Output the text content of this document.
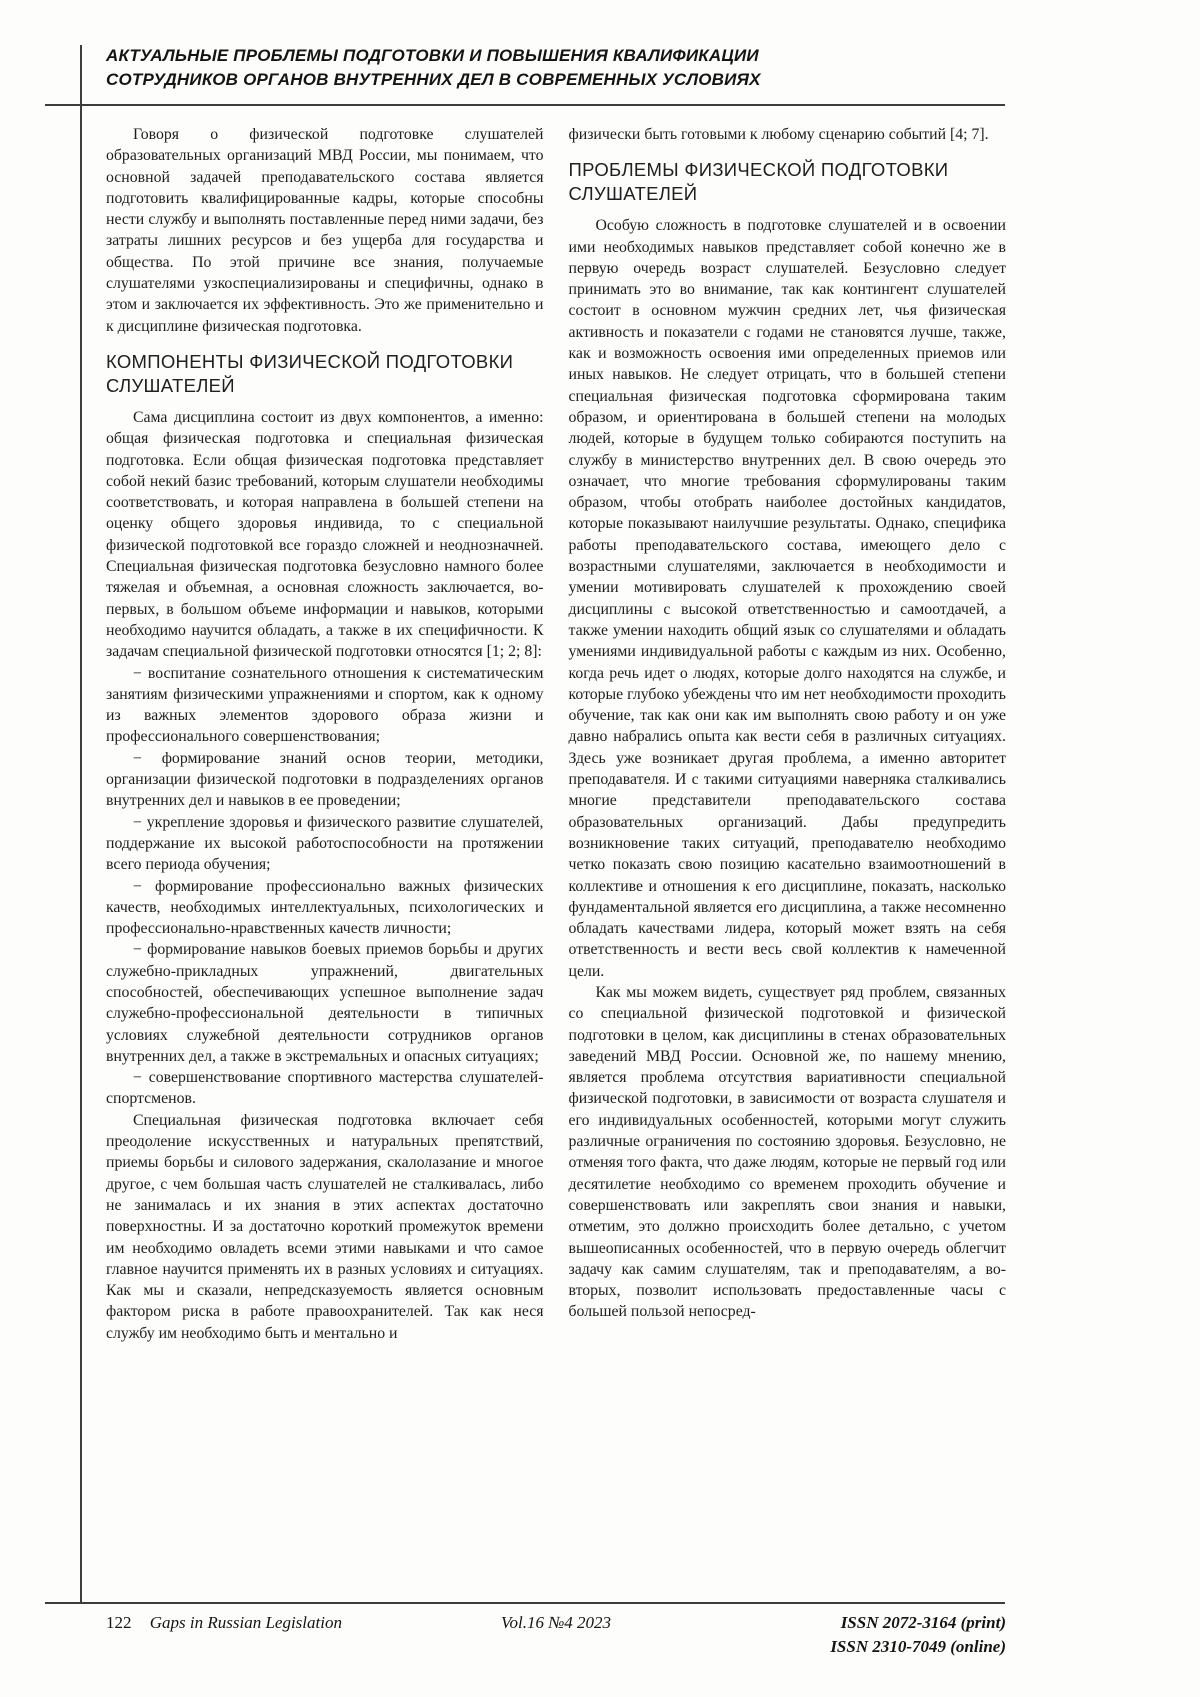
АКТУАЛЬНЫЕ ПРОБЛЕМЫ ПОДГОТОВКИ И ПОВЫШЕНИЯ КВАЛИФИКАЦИИ
СОТРУДНИКОВ ОРГАНОВ ВНУТРЕННИХ ДЕЛ В СОВРЕМЕННЫХ УСЛОВИЯХ

Говоря о физической подготовке слушателей образовательных организаций МВД России, мы понимаем, что основной задачей преподавательского состава является подготовить квалифицированные кадры, которые способны нести службу и выполнять поставленные перед ними задачи, без затраты лишних ресурсов и без ущерба для государства и общества. По этой причине все знания, получаемые слушателями узкоспециализированы и специфичны, однако в этом и заключается их эффективность. Это же применительно и к дисциплине физическая подготовка.

КОМПОНЕНТЫ ФИЗИЧЕСКОЙ ПОДГОТОВКИ СЛУШАТЕЛЕЙ

Сама дисциплина состоит из двух компонентов, а именно: общая физическая подготовка и специальная физическая подготовка. Если общая физическая подготовка представляет собой некий базис требований, которым слушатели необходимы соответствовать, и которая направлена в большей степени на оценку общего здоровья индивида, то с специальной физической подготовкой все гораздо сложней и неоднозначней. Специальная физическая подготовка безусловно намного более тяжелая и объемная, а основная сложность заключается, во-первых, в большом объеме информации и навыков, которыми необходимо научится обладать, а также в их специфичности. К задачам специальной физической подготовки относятся [1; 2; 8]:

− воспитание сознательного отношения к систематическим занятиям физическими упражнениями и спортом, как к одному из важных элементов здорового образа жизни и профессионального совершенствования;

− формирование знаний основ теории, методики, организации физической подготовки в подразделениях органов внутренних дел и навыков в ее проведении;

− укрепление здоровья и физического развитие слушателей, поддержание их высокой работоспособности на протяжении всего периода обучения;

− формирование профессионально важных физических качеств, необходимых интеллектуальных, психологических и профессионально-нравственных качеств личности;

− формирование навыков боевых приемов борьбы и других служебно-прикладных упражнений, двигательных способностей, обеспечивающих успешное выполнение задач служебно-профессиональной деятельности в типичных условиях служебной деятельности сотрудников органов внутренних дел, а также в экстремальных и опасных ситуациях;

− совершенствование спортивного мастерства слушателей-спортсменов.

Специальная физическая подготовка включает себя преодоление искусственных и натуральных препятствий, приемы борьбы и силового задержания, скалолазание и многое другое, с чем большая часть слушателей не сталкивалась, либо не занималась и их знания в этих аспектах достаточно поверхностны. И за достаточно короткий промежуток времени им необходимо овладеть всеми этими навыками и что самое главное научится применять их в разных условиях и ситуациях. Как мы и сказали, непредсказуемость является основным фактором риска в работе правоохранителей. Так как неся службу им необходимо быть и ментально и

физически быть готовыми к любому сценарию событий [4; 7].

ПРОБЛЕМЫ ФИЗИЧЕСКОЙ ПОДГОТОВКИ СЛУШАТЕЛЕЙ

Особую сложность в подготовке слушателей и в освоении ими необходимых навыков представляет собой конечно же в первую очередь возраст слушателей. Безусловно следует принимать это во внимание, так как контингент слушателей состоит в основном мужчин средних лет, чья физическая активность и показатели с годами не становятся лучше, также, как и возможность освоения ими определенных приемов или иных навыков. Не следует отрицать, что в большей степени специальная физическая подготовка сформирована таким образом, и ориентирована в большей степени на молодых людей, которые в будущем только собираются поступить на службу в министерство внутренних дел. В свою очередь это означает, что многие требования сформулированы таким образом, чтобы отобрать наиболее достойных кандидатов, которые показывают наилучшие результаты. Однако, специфика работы преподавательского состава, имеющего дело с возрастными слушателями, заключается в необходимости и умении мотивировать слушателей к прохождению своей дисциплины с высокой ответственностью и самоотдачей, а также умении находить общий язык со слушателями и обладать умениями индивидуальной работы с каждым из них. Особенно, когда речь идет о людях, которые долго находятся на службе, и которые глубоко убеждены что им нет необходимости проходить обучение, так как они как им выполнять свою работу и он уже давно набрались опыта как вести себя в различных ситуациях. Здесь уже возникает другая проблема, а именно авторитет преподавателя. И с такими ситуациями наверняка сталкивались многие представители преподавательского состава образовательных организаций. Дабы предупредить возникновение таких ситуаций, преподавателю необходимо четко показать свою позицию касательно взаимоотношений в коллективе и отношения к его дисциплине, показать, насколько фундаментальной является его дисциплина, а также несомненно обладать качествами лидера, который может взять на себя ответственность и вести весь свой коллектив к намеченной цели.

Как мы можем видеть, существует ряд проблем, связанных со специальной физической подготовкой и физической подготовки в целом, как дисциплины в стенах образовательных заведений МВД России. Основной же, по нашему мнению, является проблема отсутствия вариативности специальной физической подготовки, в зависимости от возраста слушателя и его индивидуальных особенностей, которыми могут служить различные ограничения по состоянию здоровья. Безусловно, не отменяя того факта, что даже людям, которые не первый год или десятилетие необходимо со временем проходить обучение и совершенствовать или закреплять свои знания и навыки, отметим, это должно происходить более детально, с учетом вышеописанных особенностей, что в первую очередь облегчит задачу как самим слушателям, так и преподавателям, а во-вторых, позволит использовать предоставленные часы с большей пользой непосред-

122 Gaps in Russian Legislation	Vol.16 №4 2023	ISSN 2072-3164 (print)
ISSN 2310-7049 (online)
